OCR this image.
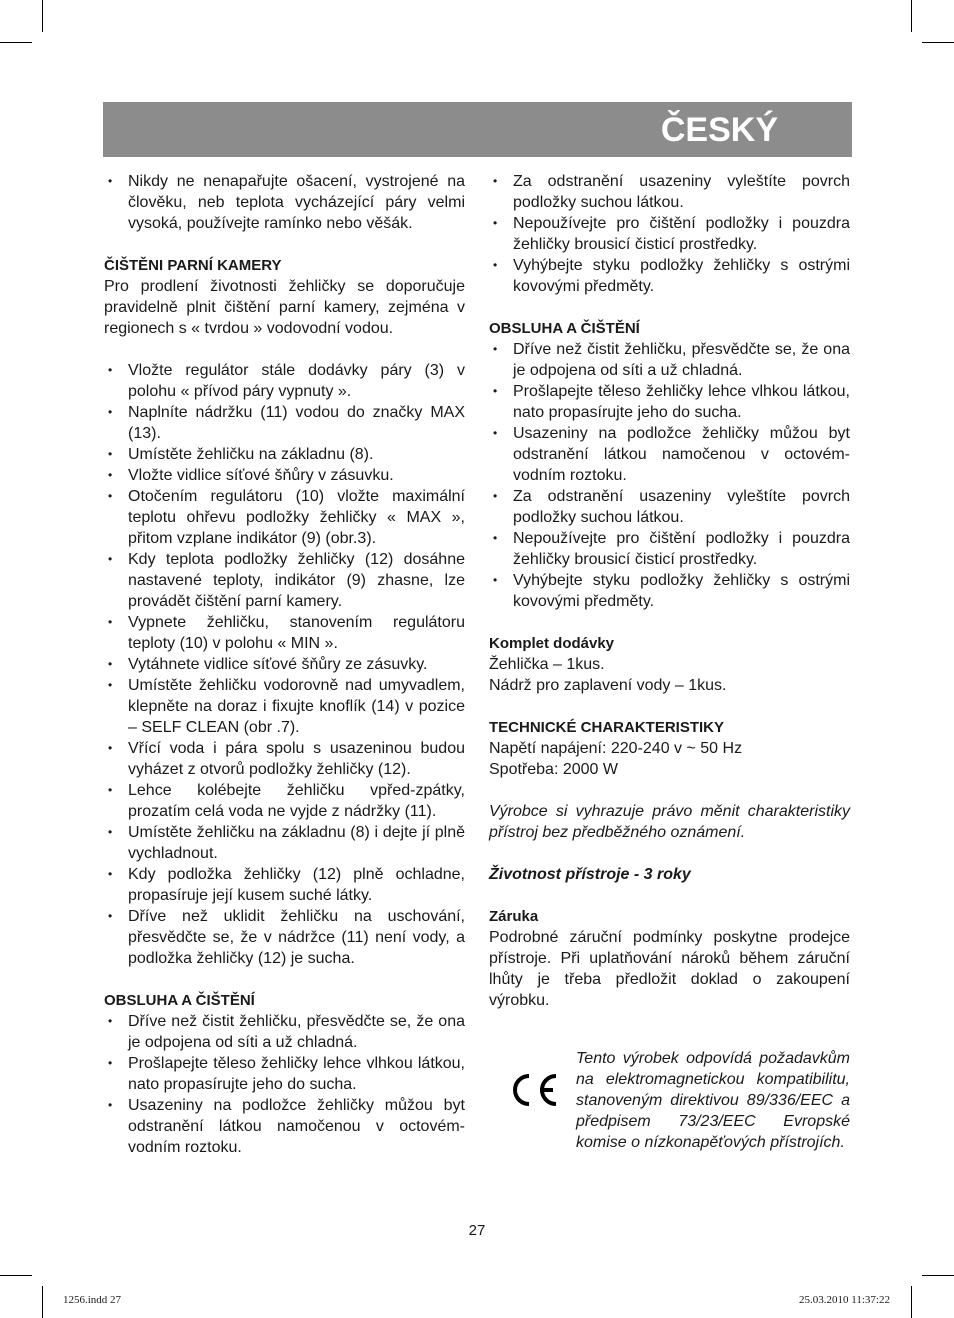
ČESKÝ
• Nikdy ne nenapařujte ošacení, vystrojené na člověku, neb teplota vycházející páry velmi vysoká, používejte ramínko nebo věšák.

ČIŠTĚNI PARNÍ KAMERY

Pro prodlení životnosti žehličky se doporučuje pravidelně plnit čištění parní kamery, zejména v regionech s « tvrdou » vodovodní vodou.

• Vložte regulátor stále dodávky páry (3) v polohu « přívod páry vypnuty ».
• Naplníte nádržku (11) vodou do značky MAX (13).
• Umístěte žehličku na základnu (8).
• Vložte vidlice síťové šňůry v zásuvku.
• Otočením regulátoru (10) vložte maximální teplotu ohřevu podložky žehličky « MAX », přitom vzplane indikátor (9) (obr.3).
• Kdy teplota podložky žehličky (12) dosáhne nastavené teploty, indikátor (9) zhasne, lze provádět čištění parní kamery.
• Vypnete žehličku, stanovením regulátoru teploty (10) v polohu « MIN ».
• Vytáhnete vidlice síťové šňůry ze zásuvky.
• Umístěte žehličku vodorovně nad umyvadlem, klepněte na doraz i fixujte knoflík (14) v pozice – SELF CLEAN (obr .7).
• Vřící voda i pára spolu s usazeninou budou vyházet z otvorů podložky žehličky (12).
• Lehce kolébejte žehličku vpřed-zpátky, prozatím celá voda ne vyjde z nádržky (11).
• Umístěte žehličku na základnu (8) i dejte jí plně vychladnout.
• Kdy podložka žehličky (12) plně ochladne, propasíruje její kusem suché látky.
• Dříve než uklidit žehličku na uschování, přesvědčte se, že v nádržce (11) není vody, a podložka žehličky (12) je sucha.

OBSLUHA A ČIŠTĚNÍ

• Dříve než čistit žehličku, přesvědčte se, že ona je odpojena od síti a už chladná.
• Prošlapejte těleso žehličky lehce vlhkou látkou, nato propasírujte jeho do sucha.
• Usazeniny na podložce žehličky můžou byt odstranění látkou namočenou v octovém-vodním roztoku.
• Za odstranění usazeniny vyleštíte povrch podložky suchou látkou.
• Nepoužívejte pro čištění podložky i pouzdra žehličky brousicí čisticí prostředky.
• Vyhýbejte styku podložky žehličky s ostrými kovovými předměty.

OBSLUHA A ČIŠTĚNÍ

• Dříve než čistit žehličku, přesvědčte se, že ona je odpojena od síti a už chladná.
• Prošlapejte těleso žehličky lehce vlhkou látkou, nato propasírujte jeho do sucha.
• Usazeniny na podložce žehličky můžou byt odstranění látkou namočenou v octovém-vodním roztoku.
• Za odstranění usazeniny vyleštíte povrch podložky suchou látkou.
• Nepoužívejte pro čištění podložky i pouzdra žehličky brousicí čisticí prostředky.
• Vyhýbejte styku podložky žehličky s ostrými kovovými předměty.

Komplet dodávky

Žehlička – 1kus.

Nádrž pro zaplavení vody – 1kus.

TECHNICKÉ CHARAKTERISTIKY

Napětí napájení: 220-240 v ~ 50 Hz

Spotřeba: 2000 W

Výrobce si vyhrazuje právo měnit charakteristiky přístroj bez předběžného oznámení.

Životnost přístroje - 3 roky

Záruka

Podrobné záruční podmínky poskytne prodejce přístroje. Při uplatňování nároků během záruční lhůty je třeba předložit doklad o zakoupení výrobku.

Tento výrobek odpovídá požadavkům na elektromagnetickou kompatibilitu, stanoveným direktivou 89/336/EEC a předpisem 73/23/EEC Evropské komise o nízkonapěťových přístrojích.

27
1256.indd 27	25.03.2010 11:37:22
